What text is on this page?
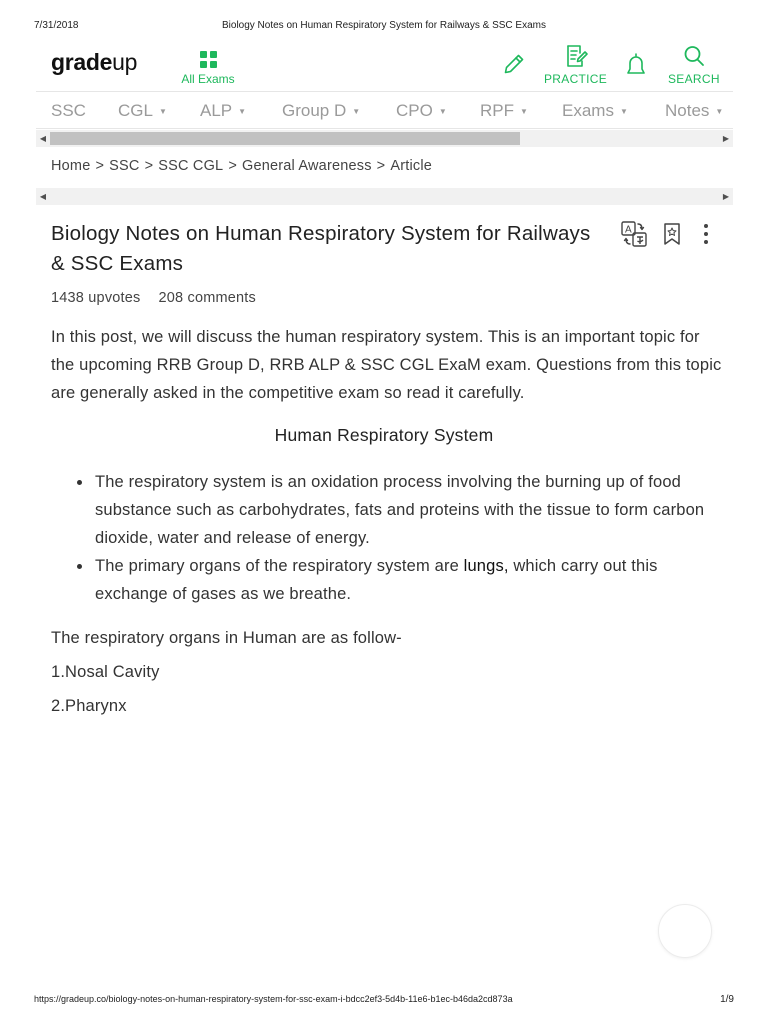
7/31/2018	Biology Notes on Human Respiratory System for Railways & SSC Exams
gradeup
All Exams	PRACTICE	SEARCH
SSC CGL ▼ ALP ▼ Group D ▼ CPO ▼ RPF ▼ Exams ▼ Notes ▼
◀	▶
Home > SSC > SSC CGL > General Awareness > Article
◀	▶
Biology Notes on Human Respiratory System for Railways & SSC Exams
A
1438 upvotes 208 comments

In this post, we will discuss the human respiratory system. This is an important topic for the upcoming RRB Group D, RRB ALP & SSC CGL ExaM exam. Questions from this topic are generally asked in the competitive exam so read it carefully.

Human Respiratory System
The respiratory system is an oxidation process involving the burning up of food substance such as carbohydrates, fats and proteins with the tissue to form carbon dioxide, water and release of energy.
The primary organs of the respiratory system are lungs, which carry out this exchange of gases as we breathe.

The respiratory organs in Human are as follow-

1.Nosal Cavity

2.Pharynx

https://gradeup.co/biology-notes-on-human-respiratory-system-for-ssc-exam-i-bdcc2ef3-5d4b-11e6-b1ec-b46da2cd873a	1/9
